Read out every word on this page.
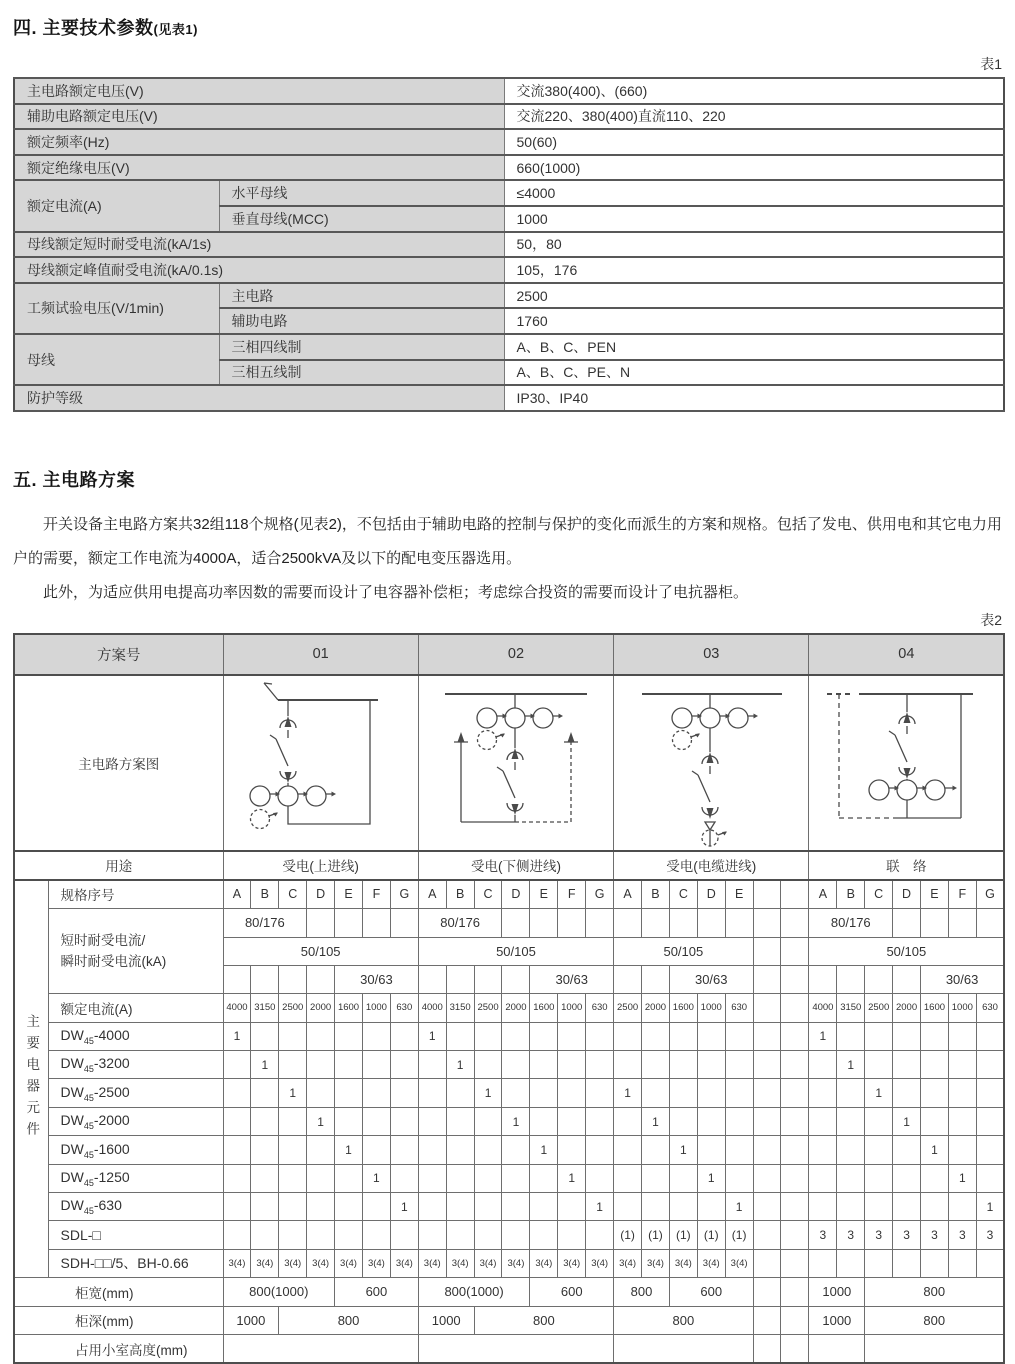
四. 主要技术参数(见表1)
表1
主电路额定电压(V)		交流380(400)、(660)
辅助电路额定电压(V)		交流220、380(400)直流110、220
额定频率(Hz)		50(60)
额定绝缘电压(V)		660(1000)
额定电流(A)	水平母线	≤4000
	垂直母线(MCC)	1000
母线额定短时耐受电流(kA/1s)		50，80
母线额定峰值耐受电流(kA/0.1s)		105，176
工频试验电压(V/1min)	主电路	2500
	辅助电路	1760
母线	三相四线制	A、B、C、PEN
	三相五线制	A、B、C、PE、N
防护等级		IP30、IP40
五. 主电路方案

开关设备主电路方案共32组118个规格(见表2)，不包括由于辅助电路的控制与保护的变化而派生的方案和规格。包括了发电、供用电和其它电力用户的需要，额定工作电流为4000A，适合2500kVA及以下的配电变压器选用。

此外，为适应供用电提高功率因数的需要而设计了电容器补偿柜；考虑综合投资的需要而设计了电抗器柜。

表2
方案号		01							02							03							04						
主电路方案图	

用途		受电(上进线)							受电(下侧进线)							受电(电缆进线)							联　络						
主要电器元件	规格序号	A	B	C	D	E	F	G	A	B	C	D	E	F	G	A	B	C	D	E			A	B	C	D	E	F	G

	短时耐受电流/
瞬时耐受电流(kA)	80/176							80/176														80/176						
		50/105							50/105							50/105							50/105						
						30/63							30/63					30/63									30/63		
	额定电流(A)	4000	3150	2500	2000	1600	1000	630	4000	3150	2500	2000	1600	1000	630	2500	2000	1600	1000	630			4000	3150	2500	2000	1600	1000	630
	$DW_{45}-4000$	1							1														1						
	$DW_{45}-3200$		1							1														1					
	$DW_{45}-2500$			1							1					1									1				
	$DW_{45}-2000$				1							1					1									1			
	$DW_{45}-1600$					1							1					1									1		
	$DW_{45}-1250$						1							1					1									1	
	$DW_{45}-630$							1							1					1									1
	SDL-□															(1)	(1)	(1)	(1)	(1)			3	3	3	3	3	3	3
	SDH-□□/5、BH-0.66	3(4)	3(4)	3(4)	3(4)	3(4)	3(4)	3(4)	3(4)	3(4)	3(4)	3(4)	3(4)	3(4)	3(4)	3(4)	3(4)	3(4)	3(4)	3(4)									
柜宽(mm)		800(1000)				600			800(1000)				600			800		600					1000		800				
柜深(mm)		1000		800					1000		800					800							1000		800				
占用小室高度(mm)																													
